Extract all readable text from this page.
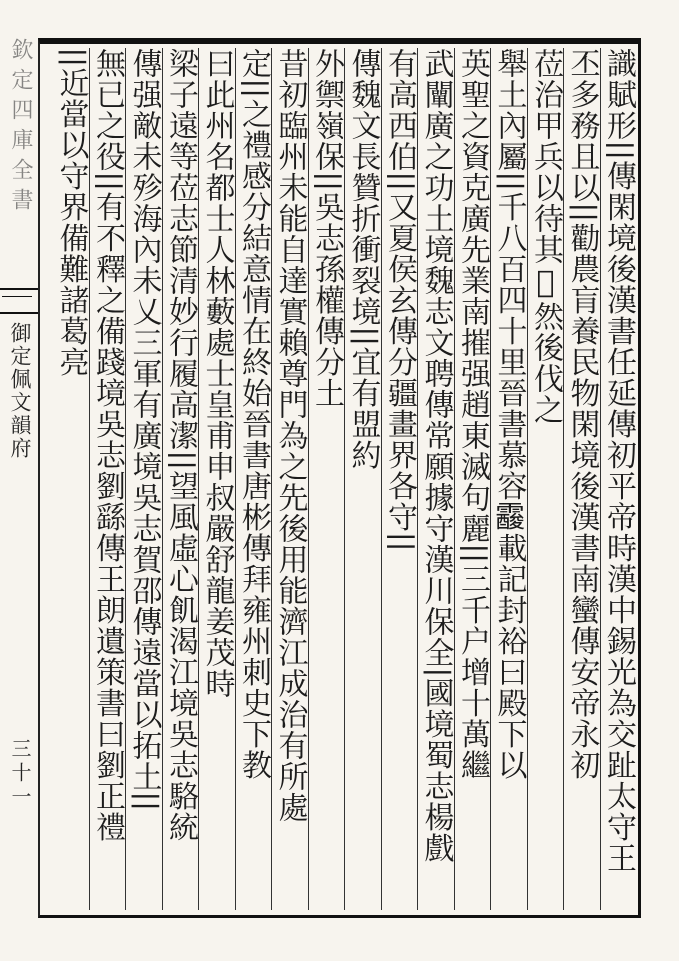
欽定四庫全書
御定佩文韻府
三十一	識賦形∣∣傳閑境後漢書任延傳初平帝時漢中錫光為交趾太守王
丕多務且以∣∣勸農肓養民物閑境後漢書南蠻傳安帝永初
莅治甲兵以待其𢧐然後伐之
舉土內屬∣∣千八百四十里晉書慕容𩆑載記封裕曰殿下以
英聖之資克廣先業南摧强趙東滅句麗∣∣三千户增十萬繼
武闡廣之功土境魏志文聘傳常願據守漢川保全∣國境蜀志楊戲
有高西伯∣∣又夏侯玄傳分疆畫界各守∣∣
傳魏文長贊折衝裂境∣∣宜有盟約
外禦嶺保∣∣吳志孫權傳分土
昔初臨州未能自達實賴尊門為之先後用能濟江成治有所處
定∣∣之禮感分結意情在終始晉書唐彬傳拜雍州刺史下教
曰此州名都士人林藪處士皇甫申叔嚴舒龍姜茂時
梁子遠等莅志節清妙行履高潔∣∣望風虛心飢渴江境吳志駱統
傳强敵未殄海內未乂三軍有廣境吳志賀邵傳遠當以拓土∣∣
無已之役∣∣有不釋之備踐境吳志劉繇傳王朗遺策書曰劉正禮
∣∣近當以守界備難諸葛亮
